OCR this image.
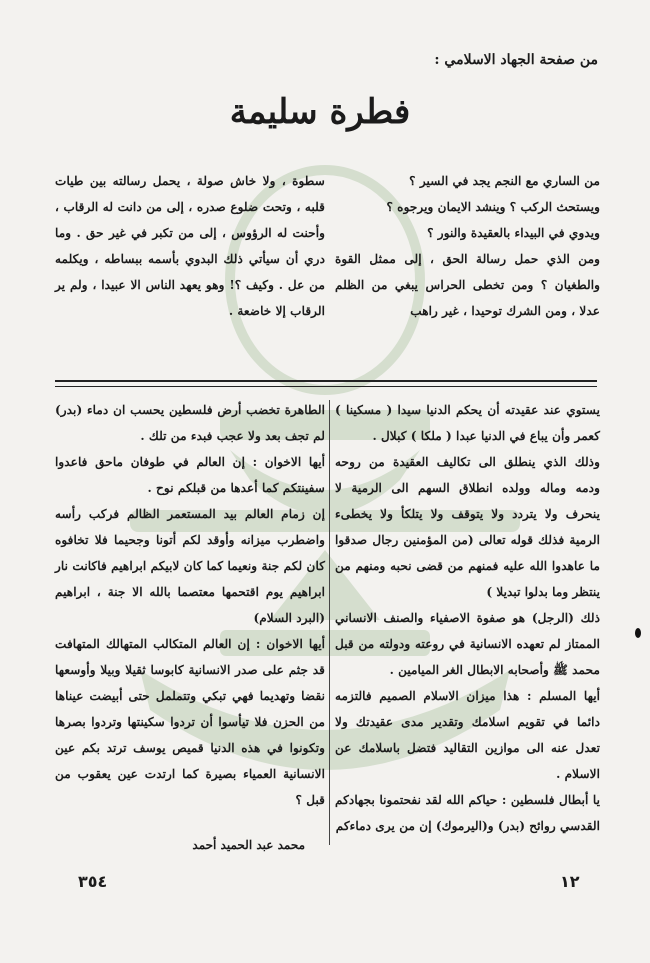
من صفحة الجهاد الاسلامي :
فطرة سليمة

من الساري مع النجم يجد في السير ؟

ويستحث الركب ؟ وينشد الايمان ويرجوه ؟

ويدوي في البيداء بالعقيدة والنور ؟

ومن الذي حمل رسالة الحق ، إلى ممثل القوة والطغيان ؟ ومن تخطى الحراس يبغي من الظلم عدلا ، ومن الشرك توحيدا ، غير راهب

سطوة ، ولا خاش صولة ، يحمل رسالته بين طيات قلبه ، وتحت ضلوع صدره ، إلى من دانت له الرقاب ، وأحنت له الرؤوس ، إلى من تكبر في غير حق . وما دري أن سيأتي ذلك البدوي بأسمه ببساطه ، ويكلمه من عل . وكيف ؟! وهو يعهد الناس الا عبيدا ، ولم ير الرقاب إلا خاضعة .

يستوي عند عقيدته أن يحكم الدنيا سيدا ( مسكينا ) كعمر وأن يباع في الدنيا عبدا ( ملكا ) كبلال .

وذلك الذي ينطلق الى تكاليف العقيدة من روحه ودمه وماله وولده انطلاق السهم الى الرمية لا ينحرف ولا يتردد ولا يتوقف ولا يتلكأ ولا يخطىء الرمية فذلك قوله تعالى (من المؤمنين رجال صدقوا ما عاهدوا الله عليه فمنهم من قضى نحبه ومنهم من ينتظر وما بدلوا تبديلا )

ذلك (الرجل) هو صفوة الاصفياء والصنف الانساني الممتاز لم تعهده الانسانية في روعته ودولته من قبل محمد ﷺ وأصحابه الابطال الغر الميامين .

أيها المسلم : هذا ميزان الاسلام الصميم فالتزمه دائما في تقويم اسلامك وتقدير مدى عقيدتك ولا تعدل عنه الى موازين التقاليد فتضل باسلامك عن الاسلام .

يا أبطال فلسطين : حياكم الله لقد نفحتمونا بجهادكم القدسي روائح (بدر) و(اليرموك) إن من يرى دماءكم

الطاهرة تخضب أرض فلسطين يحسب ان دماء (بدر) لم تجف بعد ولا عجب فبدء من تلك .

أيها الاخوان : إن العالم في طوفان ماحق فاعدوا سفينتكم كما أعدها من قبلكم نوح .

إن زمام العالم بيد المستعمر الظالم فركب رأسه واضطرب ميزانه وأوقد لكم أتونا وجحيما فلا تخافوه كان لكم جنة ونعيما كما كان لابيكم ابراهيم فاكانت نار ابراهيم يوم اقتحمها معتصما بالله الا جنة ، ابراهيم (البرد السلام)

أيها الاخوان : إن العالم المتكالب المتهالك المتهافت قد جثم على صدر الانسانية كابوسا ثقيلا وبيلا وأوسعها نقضا وتهديما فهي تبكي وتتململ حتى أبيضت عيناها من الحزن فلا تيأسوا أن تردوا سكينتها وتردوا بصرها وتكونوا في هذه الدنيا قميص يوسف ترتد بكم عين الانسانية العمياء بصيرة كما ارتدت عين يعقوب من قبل ؟

محمد عبد الحميد أحمد
٣٥٤	١٢
